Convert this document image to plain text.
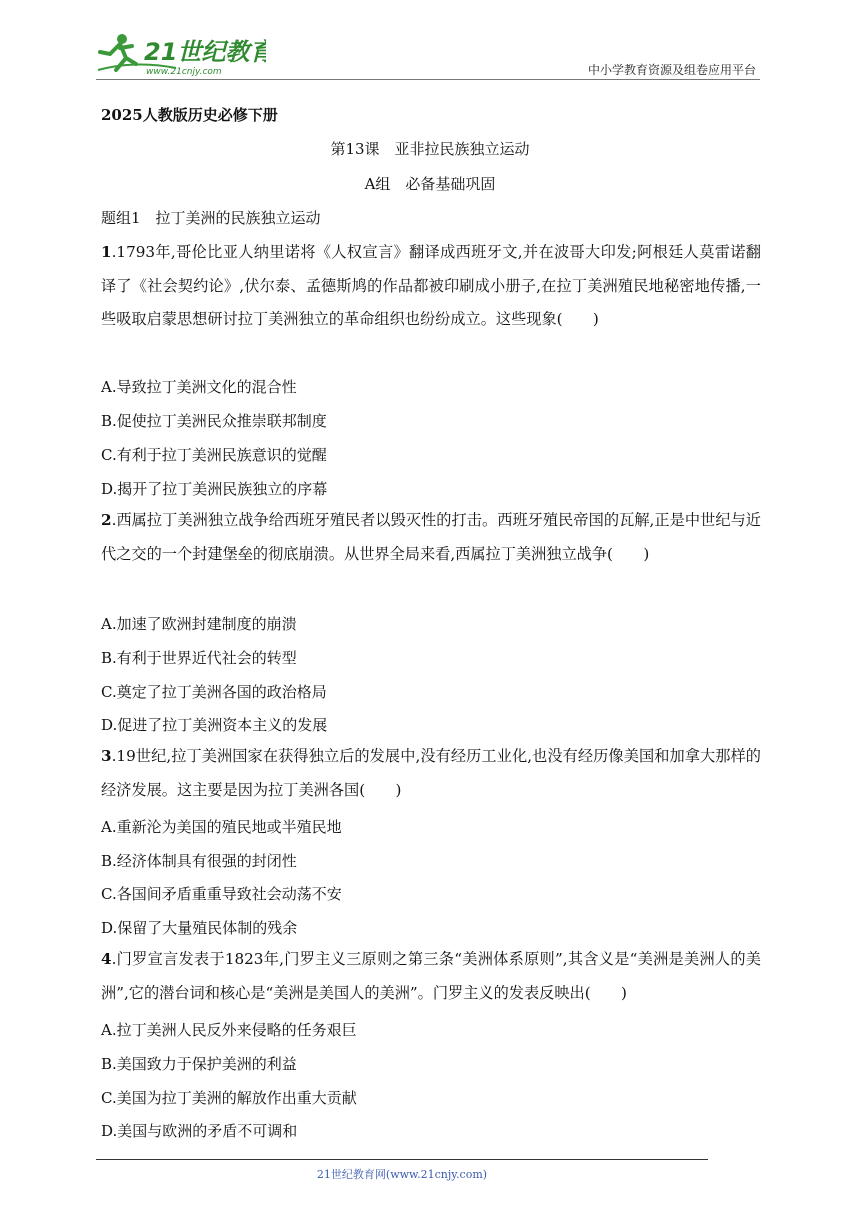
21世纪教育
www.21cnjy.com	中小学教育资源及组卷应用平台
2025人教版历史必修下册
第13课　亚非拉民族独立运动
A组　必备基础巩固
题组1　拉丁美洲的民族独立运动
1.1793年,哥伦比亚人纳里诺将《人权宣言》翻译成西班牙文,并在波哥大印发;阿根廷人莫雷诺翻译了《社会契约论》,伏尔泰、孟德斯鸠的作品都被印刷成小册子,在拉丁美洲殖民地秘密地传播,一些吸取启蒙思想研讨拉丁美洲独立的革命组织也纷纷成立。这些现象(　　)
A.导致拉丁美洲文化的混合性
B.促使拉丁美洲民众推崇联邦制度
C.有利于拉丁美洲民族意识的觉醒
D.揭开了拉丁美洲民族独立的序幕
2.西属拉丁美洲独立战争给西班牙殖民者以毁灭性的打击。西班牙殖民帝国的瓦解,正是中世纪与近代之交的一个封建堡垒的彻底崩溃。从世界全局来看,西属拉丁美洲独立战争(　　)
A.加速了欧洲封建制度的崩溃
B.有利于世界近代社会的转型
C.奠定了拉丁美洲各国的政治格局
D.促进了拉丁美洲资本主义的发展
3.19世纪,拉丁美洲国家在获得独立后的发展中,没有经历工业化,也没有经历像美国和加拿大那样的经济发展。这主要是因为拉丁美洲各国(　　)
A.重新沦为美国的殖民地或半殖民地
B.经济体制具有很强的封闭性
C.各国间矛盾重重导致社会动荡不安
D.保留了大量殖民体制的残余
4.门罗宣言发表于1823年,门罗主义三原则之第三条“美洲体系原则”,其含义是“美洲是美洲人的美洲”,它的潜台词和核心是“美洲是美国人的美洲”。门罗主义的发表反映出(　　)
A.拉丁美洲人民反外来侵略的任务艰巨
B.美国致力于保护美洲的利益
C.美国为拉丁美洲的解放作出重大贡献
D.美国与欧洲的矛盾不可调和
21世纪教育网(www.21cnjy.com)
